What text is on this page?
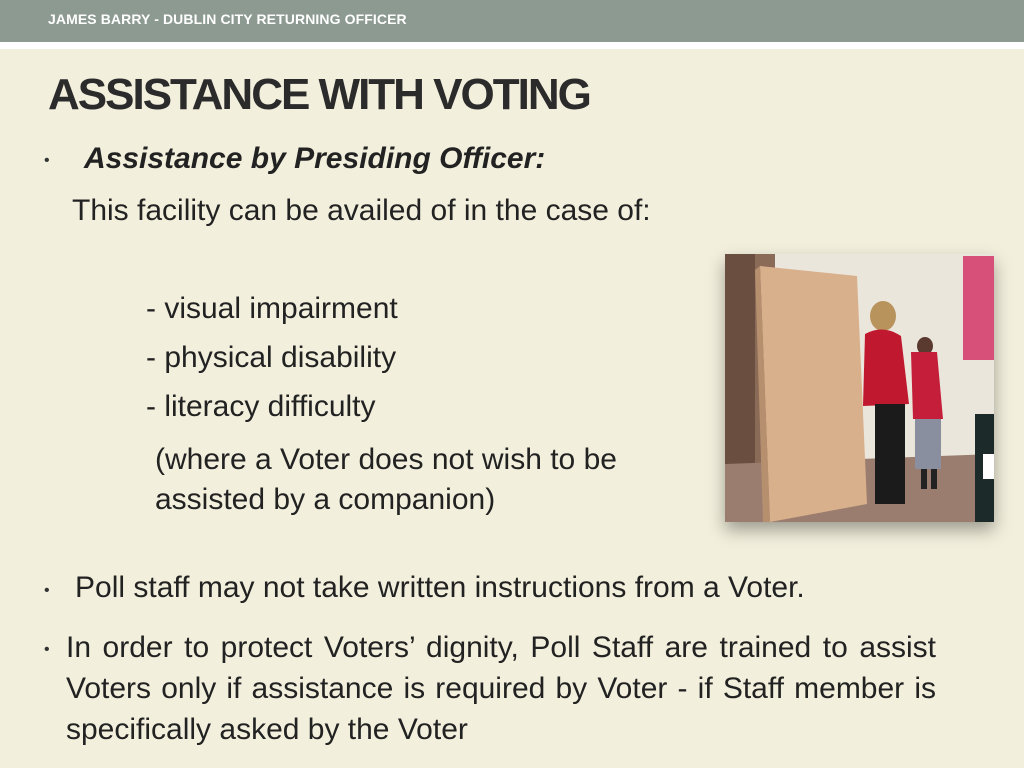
JAMES BARRY - DUBLIN CITY RETURNING OFFICER
ASSISTANCE WITH VOTING
• Assistance by Presiding Officer:
This facility can be availed of in the case of:
- visual impairment
- physical disability
- literacy difficulty
(where a Voter does not wish to be assisted by a companion)
• Poll staff may not take written instructions from a Voter.
• In order to protect Voters’ dignity, Poll Staff are trained to assist Voters only if assistance is required by Voter - if Staff member is specifically asked by the Voter
